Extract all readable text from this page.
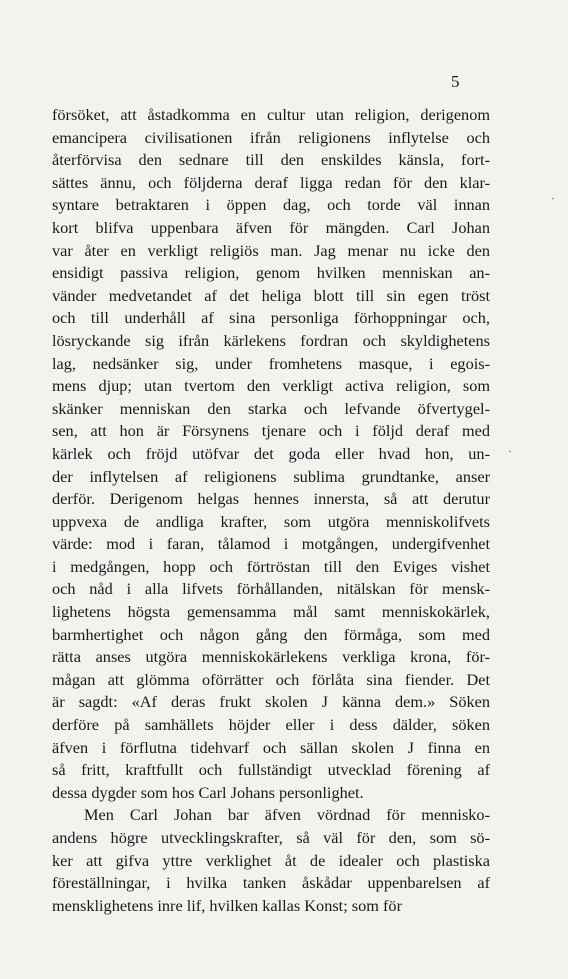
5
försöket, att åstadkomma en cultur utan religion, derigenom
emancipera civilisationen ifrån religionens inflytelse och
återförvisa den sednare till den enskildes känsla, fort-
sättes ännu, och följderna deraf ligga redan för den klar-
syntare betraktaren i öppen dag, och torde väl innan
kort blifva uppenbara äfven för mängden. Carl Johan
var åter en verkligt religiös man. Jag menar nu icke den
ensidigt passiva religion, genom hvilken menniskan an-
vänder medvetandet af det heliga blott till sin egen tröst
och till underhåll af sina personliga förhoppningar och,
lösryckande sig ifrån kärlekens fordran och skyldighetens
lag, nedsänker sig, under fromhetens masque, i egois-
mens djup; utan tvertom den verkligt activa religion, som
skänker menniskan den starka och lefvande öfvertygel-
sen, att hon är Försynens tjenare och i följd deraf med
kärlek och fröjd utöfvar det goda eller hvad hon, un-
der inflytelsen af religionens sublima grundtanke, anser
derför. Derigenom helgas hennes innersta, så att derutur
uppvexa de andliga krafter, som utgöra menniskolifvets
värde: mod i faran, tålamod i motgången, undergifvenhet
i medgången, hopp och förtröstan till den Eviges vishet
och nåd i alla lifvets förhållanden, nitälskan för mensk-
lighetens högsta gemensamma mål samt menniskokärlek,
barmhertighet och någon gång den förmåga, som med
rätta anses utgöra menniskokärlekens verkliga krona, för-
mågan att glömma oförrätter och förlåta sina fiender. Det
är sagdt: «Af deras frukt skolen J känna dem.» Söken
derföre på samhällets höjder eller i dess dälder, söken
äfven i förflutna tidehvarf och sällan skolen J finna en
så fritt, kraftfullt och fullständigt utvecklad förening af
dessa dygder som hos Carl Johans personlighet.
Men Carl Johan bar äfven vördnad för mennisko-
andens högre utvecklingskrafter, så väl för den, som sö-
ker att gifva yttre verklighet åt de idealer och plastiska
föreställningar, i hvilka tanken åskådar uppenbarelsen af
mensklighetens inre lif, hvilken kallas Konst; som för
ˎ
ˏ
